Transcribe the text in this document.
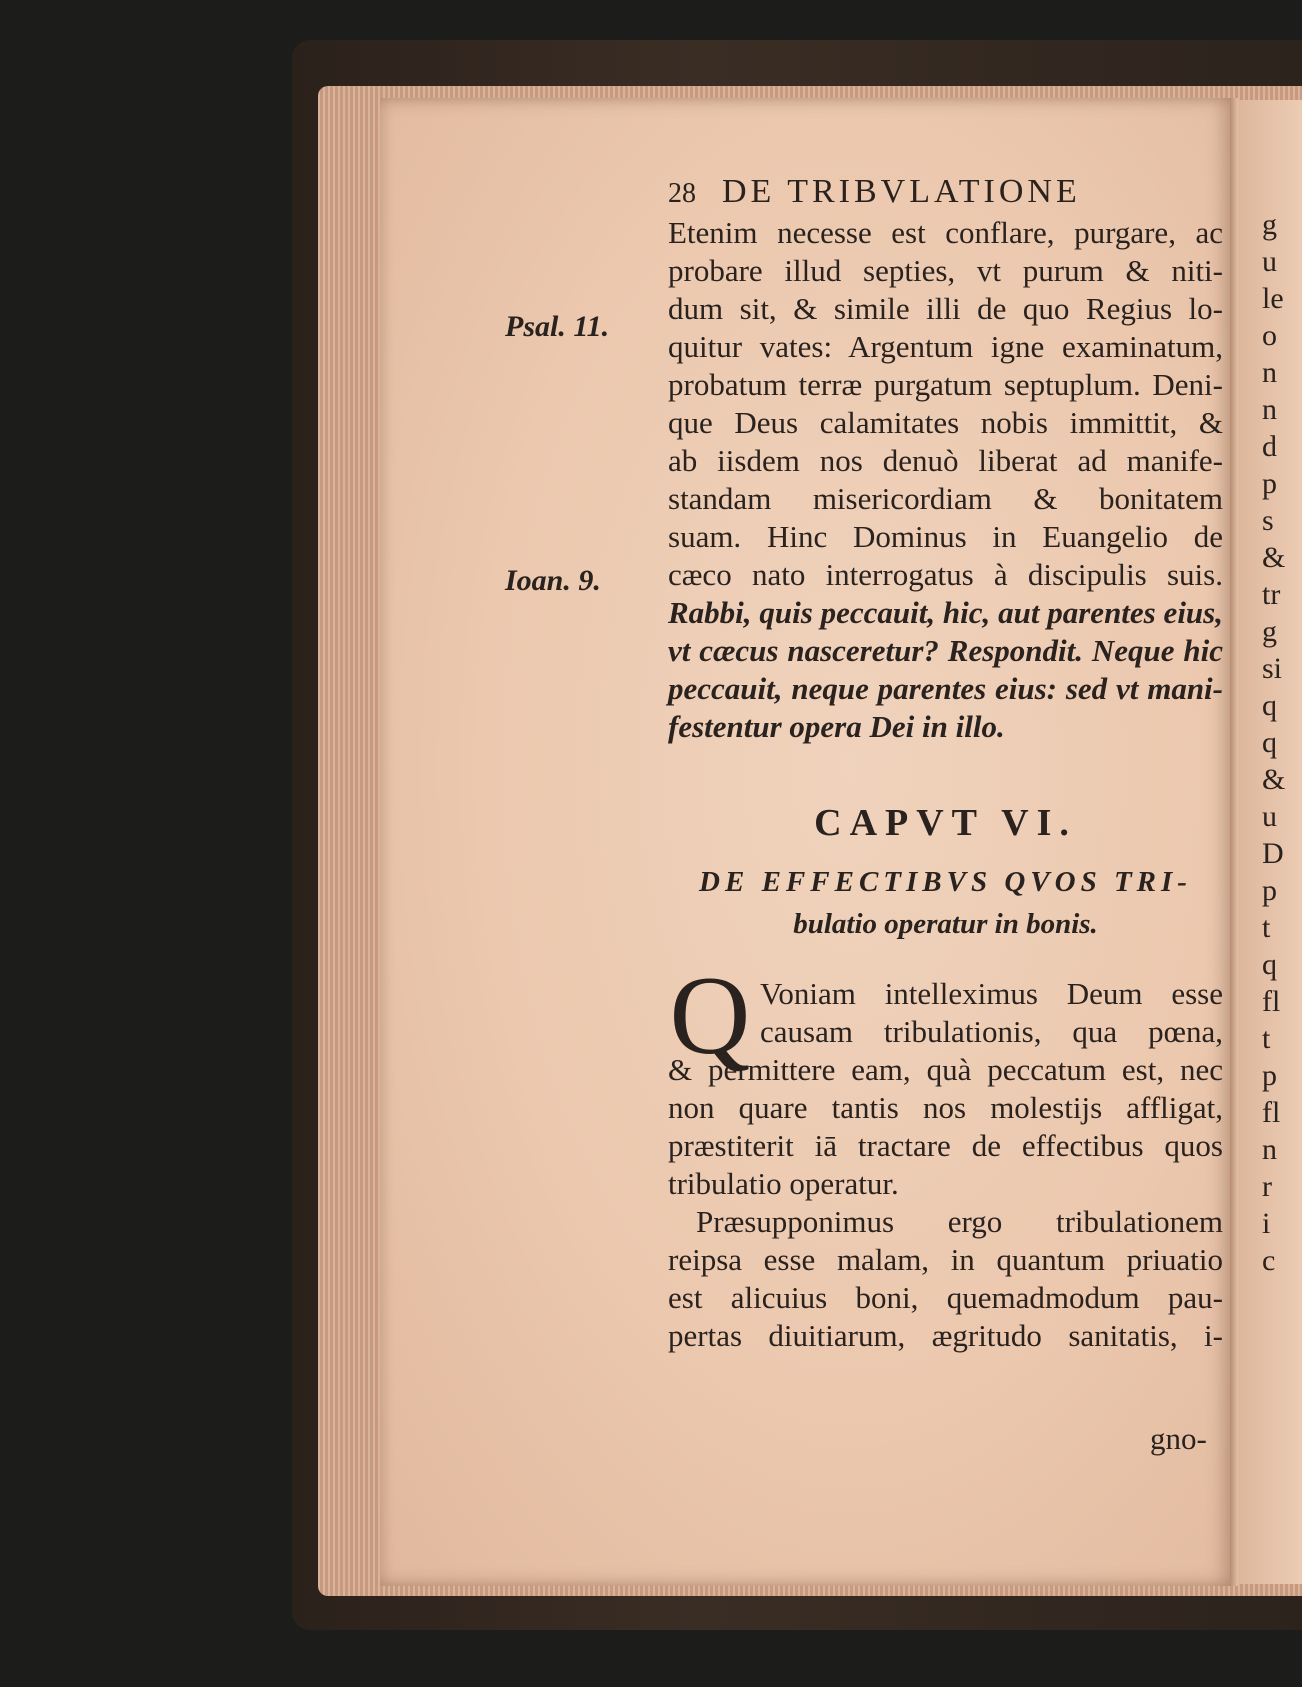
g
u
le
o
n
n
d
p
s
&
tr
g
si
q
q
&
u
D
p
t
q
fl
t
p
fl
n
r
i
c
28 DE TRIBVLATIONE
Psal. 11.
Ioan. 9.
Etenim necesse est conflare, purgare, ac
probare illud septies, vt purum & niti-
dum sit, & simile illi de quo Regius lo-
quitur vates: Argentum igne examinatum,
probatum terræ purgatum septuplum. Deni-
que Deus calamitates nobis immittit, &
ab iisdem nos denuò liberat ad manife-
standam misericordiam & bonitatem
suam. Hinc Dominus in Euangelio de
cæco nato interrogatus à discipulis suis.
Rabbi, quis peccauit, hic, aut parentes eius,
vt cæcus nasceretur? Respondit. Neque hic
peccauit, neque parentes eius: sed vt mani-
festentur opera Dei in illo.
CAPVT VI.
DE EFFECTIBVS QVOS TRI-
bulatio operatur in bonis.
Q Voniam intelleximus Deum esse
causam tribulationis, qua pœna,
& permittere eam, quà peccatum est, nec
non quare tantis nos molestijs affligat,
præstiterit iā tractare de effectibus quos
tribulatio operatur.
Præsupponimus ergo tribulationem
reipsa esse malam, in quantum priuatio
est alicuius boni, quemadmodum pau-
pertas diuitiarum, ægritudo sanitatis, i-
gno-
